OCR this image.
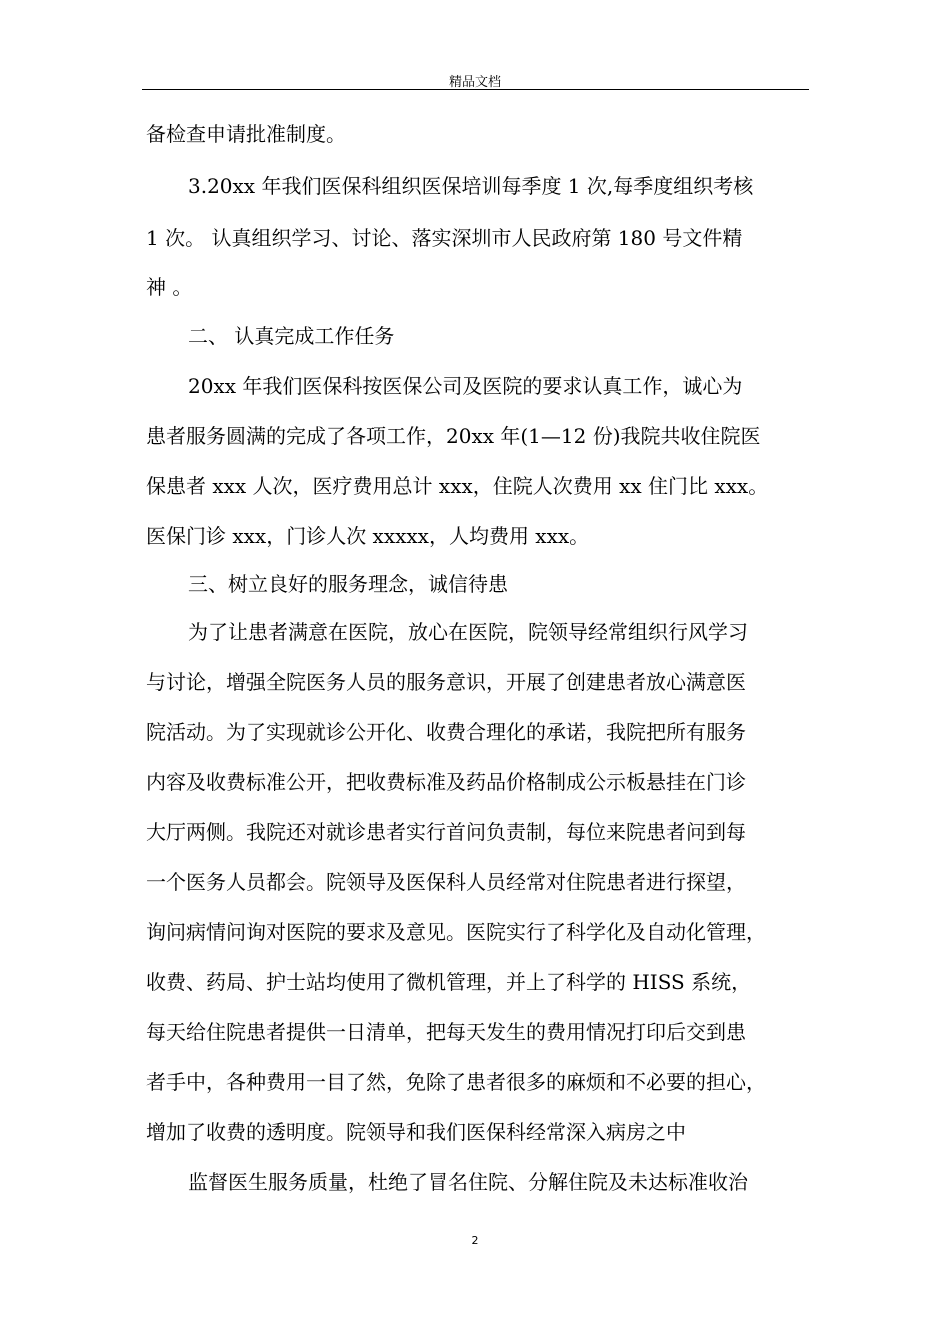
精品文档
备检查申请批准制度。
3.20xx 年我们医保科组织医保培训每季度 1 次,每季度组织考核
1 次。 认真组织学习、讨论、落实深圳市人民政府第 180 号文件精
神 。
二、 认真完成工作任务
20xx 年我们医保科按医保公司及医院的要求认真工作，诚心为
患者服务圆满的完成了各项工作，20xx 年(1—12 份)我院共收住院医
保患者 xxx 人次，医疗费用总计 xxx，住院人次费用 xx 住门比 xxx。
医保门诊 xxx，门诊人次 xxxxx，人均费用 xxx。
三、树立良好的服务理念，诚信待患
为了让患者满意在医院，放心在医院，院领导经常组织行风学习
与讨论，增强全院医务人员的服务意识，开展了创建患者放心满意医
院活动。为了实现就诊公开化、收费合理化的承诺，我院把所有服务
内容及收费标准公开，把收费标准及药品价格制成公示板悬挂在门诊
大厅两侧。我院还对就诊患者实行首问负责制，每位来院患者问到每
一个医务人员都会。院领导及医保科人员经常对住院患者进行探望，
询问病情问询对医院的要求及意见。医院实行了科学化及自动化管理，
收费、药局、护士站均使用了微机管理，并上了科学的 HISS 系统，
每天给住院患者提供一日清单，把每天发生的费用情况打印后交到患
者手中，各种费用一目了然，免除了患者很多的麻烦和不必要的担心，
增加了收费的透明度。院领导和我们医保科经常深入病房之中
监督医生服务质量，杜绝了冒名住院、分解住院及未达标准收治
2
